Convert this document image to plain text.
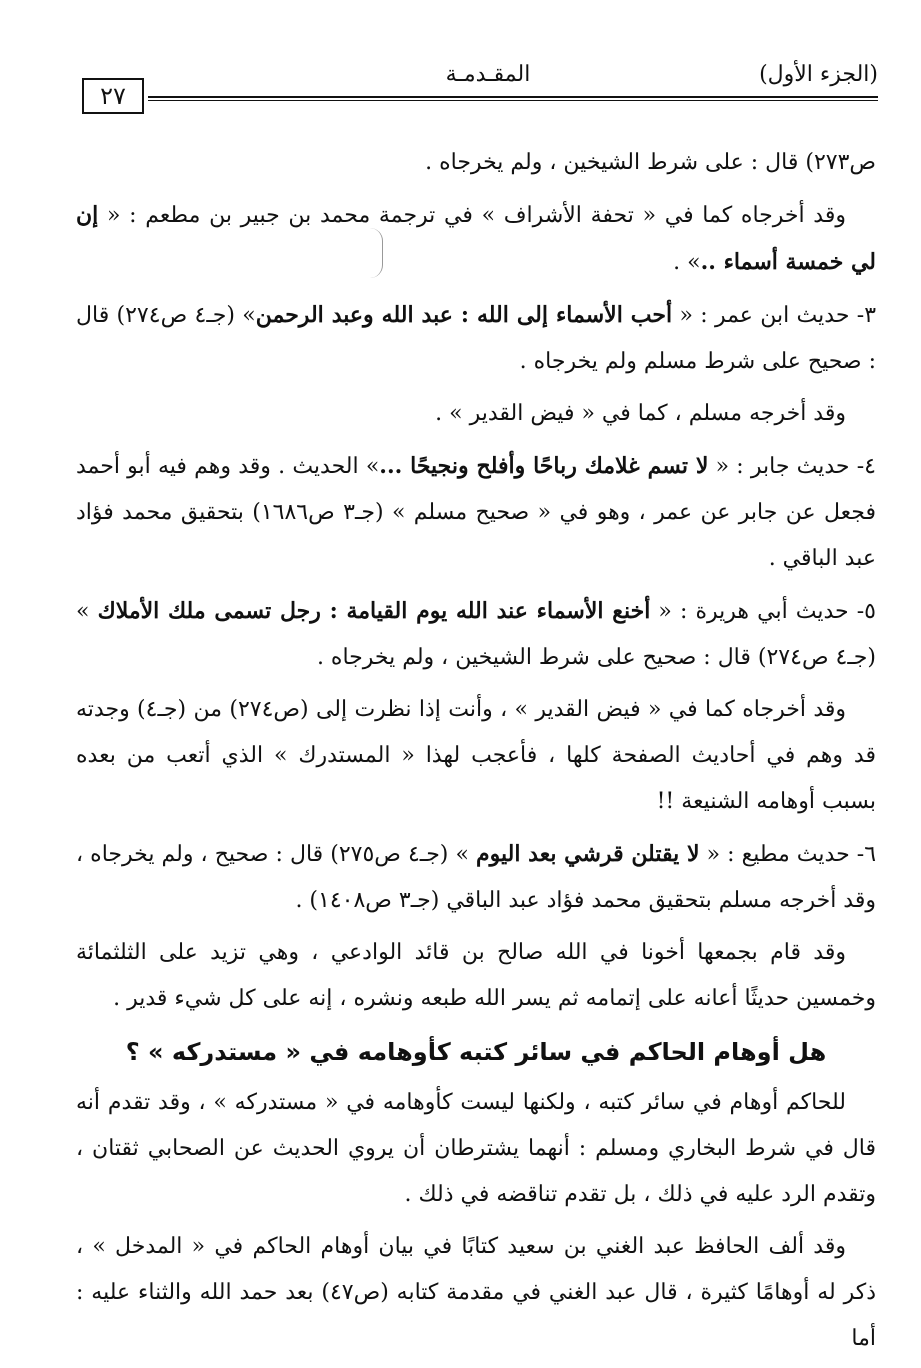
(الجزء الأول)
المقـدمـة
٢٧

ص٢٧٣) قال : على شرط الشيخين ، ولم يخرجاه .

وقد أخرجاه كما في « تحفة الأشراف » في ترجمة محمد بن جبير بن مطعم : « إن لي خمسة أسماء ..» .

٣- حديث ابن عمر : « أحب الأسماء إلى الله : عبد الله وعبد الرحمن» (جـ٤ ص٢٧٤) قال : صحيح على شرط مسلم ولم يخرجاه .

وقد أخرجه مسلم ، كما في « فيض القدير » .

٤- حديث جابر : « لا تسم غلامك رباحًا وأفلح ونجيحًا ...» الحديث . وقد وهم فيه أبو أحمد فجعل عن جابر عن عمر ، وهو في « صحيح مسلم » (جـ٣ ص١٦٨٦) بتحقيق محمد فؤاد عبد الباقي .

٥- حديث أبي هريرة : « أخنع الأسماء عند الله يوم القيامة : رجل تسمى ملك الأملاك » (جـ٤ ص٢٧٤) قال : صحيح على شرط الشيخين ، ولم يخرجاه .

وقد أخرجاه كما في « فيض القدير » ، وأنت إذا نظرت إلى (ص٢٧٤) من (جـ٤) وجدته قد وهم في أحاديث الصفحة كلها ، فأعجب لهذا « المستدرك » الذي أتعب من بعده بسبب أوهامه الشنيعة !!

٦- حديث مطيع : « لا يقتلن قرشي بعد اليوم » (جـ٤ ص٢٧٥) قال : صحيح ، ولم يخرجاه ، وقد أخرجه مسلم بتحقيق محمد فؤاد عبد الباقي (جـ٣ ص١٤٠٨) .

وقد قام بجمعها أخونا في الله صالح بن قائد الوادعي ، وهي تزيد على الثلثمائة وخمسين حديثًا أعانه على إتمامه ثم يسر الله طبعه ونشره ، إنه على كل شيء قدير .

هل أوهام الحاكم في سائر كتبه كأوهامه في « مستدركه » ؟

للحاكم أوهام في سائر كتبه ، ولكنها ليست كأوهامه في « مستدركه » ، وقد تقدم أنه قال في شرط البخاري ومسلم : أنهما يشترطان أن يروي الحديث عن الصحابي ثقتان ، وتقدم الرد عليه في ذلك ، بل تقدم تناقضه في ذلك .

وقد ألف الحافظ عبد الغني بن سعيد كتابًا في بيان أوهام الحاكم في « المدخل » ، ذكر له أوهامًا كثيرة ، قال عبد الغني في مقدمة كتابه (ص٤٧) بعد حمد الله والثناء عليه : أما
